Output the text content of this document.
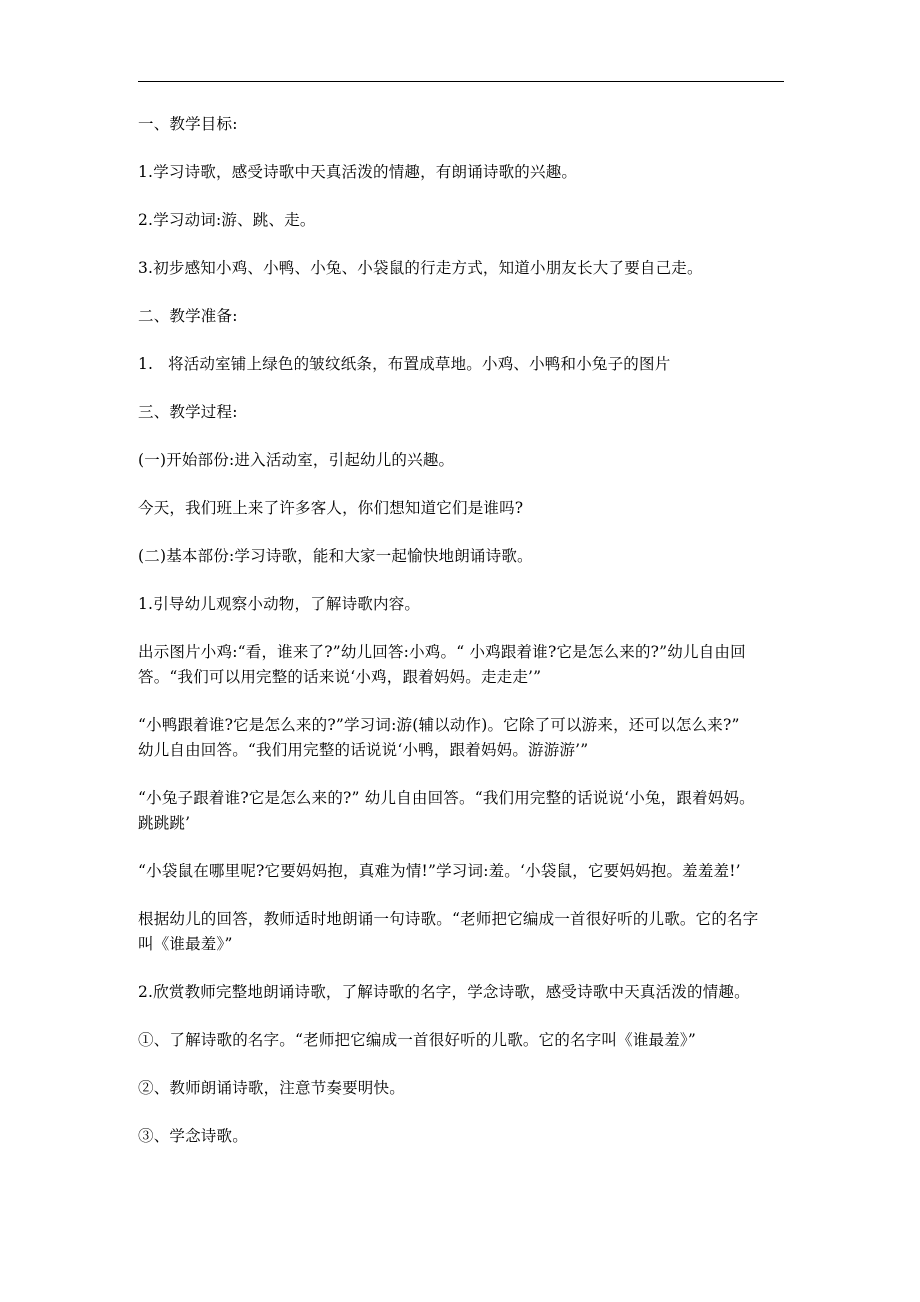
一、教学目标:

1.学习诗歌，感受诗歌中天真活泼的情趣，有朗诵诗歌的兴趣。

2.学习动词:游、跳、走。

3.初步感知小鸡、小鸭、小兔、小袋鼠的行走方式，知道小朋友长大了要自己走。

二、教学准备:

1. 将活动室铺上绿色的皱纹纸条，布置成草地。小鸡、小鸭和小兔子的图片

三、教学过程:

(一)开始部份:进入活动室，引起幼儿的兴趣。

今天，我们班上来了许多客人，你们想知道它们是谁吗?

(二)基本部份:学习诗歌，能和大家一起愉快地朗诵诗歌。

1.引导幼儿观察小动物，了解诗歌内容。

出示图片小鸡:“看，谁来了?”幼儿回答:小鸡。“ 小鸡跟着谁?它是怎么来的?”幼儿自由回

答。“我们可以用完整的话来说‘小鸡，跟着妈妈。走走走’”

“小鸭跟着谁?它是怎么来的?”学习词:游(辅以动作)。它除了可以游来，还可以怎么来?”

幼儿自由回答。“我们用完整的话说说‘小鸭，跟着妈妈。游游游’”

“小兔子跟着谁?它是怎么来的?” 幼儿自由回答。“我们用完整的话说说‘小兔，跟着妈妈。

跳跳跳’

“小袋鼠在哪里呢?它要妈妈抱，真难为情!”学习词:羞。‘小袋鼠，它要妈妈抱。羞羞羞!’

根据幼儿的回答，教师适时地朗诵一句诗歌。“老师把它编成一首很好听的儿歌。它的名字

叫《谁最羞》”

2.欣赏教师完整地朗诵诗歌，了解诗歌的名字，学念诗歌，感受诗歌中天真活泼的情趣。

①、了解诗歌的名字。“老师把它编成一首很好听的儿歌。它的名字叫《谁最羞》”

②、教师朗诵诗歌，注意节奏要明快。

③、学念诗歌。
